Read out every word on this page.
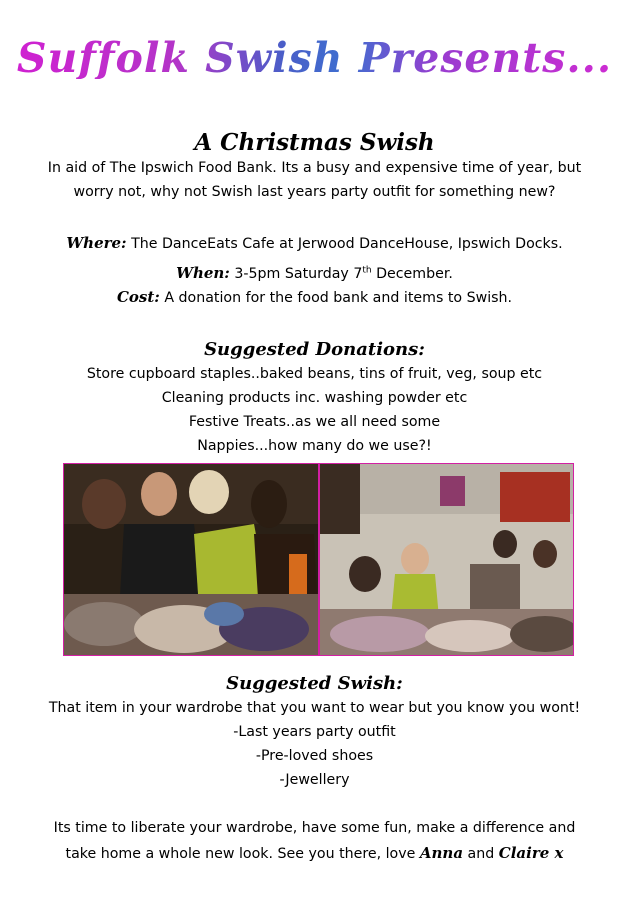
Suffolk Swish Presents...
A Christmas Swish
In aid of The Ipswich Food Bank. Its a busy and expensive time of year, but
worry not, why not Swish last years party outfit for something new?
Where: The DanceEats Cafe at Jerwood DanceHouse, Ipswich Docks.
When: 3-5pm Saturday 7th December.
Cost: A donation for the food bank and items to Swish.
Suggested Donations:
Store cupboard staples..baked beans, tins of fruit, veg, soup etc
Cleaning products inc. washing powder etc
Festive Treats..as we all need some
Nappies...how many do we use?!
Suggested Swish:
That item in your wardrobe that you want to wear but you know you wont!
-Last years party outfit
-Pre-loved shoes
-Jewellery
Its time to liberate your wardrobe, have some fun, make a difference and
take home a whole new look. See you there, love Anna and Claire x
